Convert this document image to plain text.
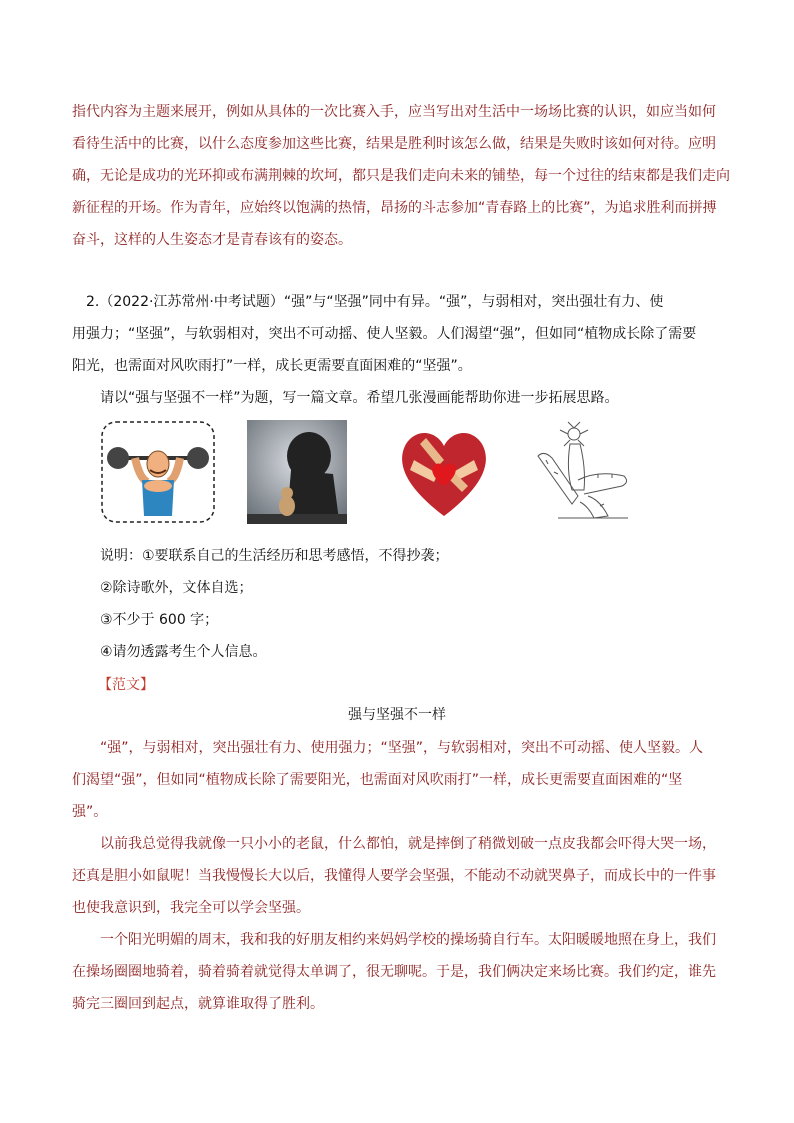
指代内容为主题来展开，例如从具体的一次比赛入手，应当写出对生活中一场场比赛的认识，如应当如何
看待生活中的比赛，以什么态度参加这些比赛，结果是胜利时该怎么做，结果是失败时该如何对待。应明
确，无论是成功的光环抑或布满荆棘的坎坷，都只是我们走向未来的铺垫，每一个过往的结束都是我们走向
新征程的开场。作为青年，应始终以饱满的热情，昂扬的斗志参加“青春路上的比赛”，为追求胜利而拼搏
奋斗，这样的人生姿态才是青春该有的姿态。
2.（2022·江苏常州·中考试题）“强”与“坚强”同中有异。“强”，与弱相对，突出强壮有力、使
用强力；“坚强”，与软弱相对，突出不可动摇、使人坚毅。人们渴望“强”，但如同“植物成长除了需要
阳光，也需面对风吹雨打”一样，成长更需要直面困难的“坚强”。
请以“强与坚强不一样”为题，写一篇文章。希望几张漫画能帮助你进一步拓展思路。
说明：①要联系自己的生活经历和思考感悟，不得抄袭；
②除诗歌外，文体自选；
③不少于 600 字；
④请勿透露考生个人信息。
【范文】
强与坚强不一样
“强”，与弱相对，突出强壮有力、使用强力；“坚强”，与软弱相对，突出不可动摇、使人坚毅。人
们渴望“强”，但如同“植物成长除了需要阳光，也需面对风吹雨打”一样，成长更需要直面困难的“坚
强”。
以前我总觉得我就像一只小小的老鼠，什么都怕，就是摔倒了稍微划破一点皮我都会吓得大哭一场，
还真是胆小如鼠呢！当我慢慢长大以后，我懂得人要学会坚强，不能动不动就哭鼻子，而成长中的一件事
也使我意识到，我完全可以学会坚强。
一个阳光明媚的周末，我和我的好朋友相约来妈妈学校的操场骑自行车。太阳暖暖地照在身上，我们
在操场圈圈地骑着，骑着骑着就觉得太单调了，很无聊呢。于是，我们俩决定来场比赛。我们约定，谁先
骑完三圈回到起点，就算谁取得了胜利。
